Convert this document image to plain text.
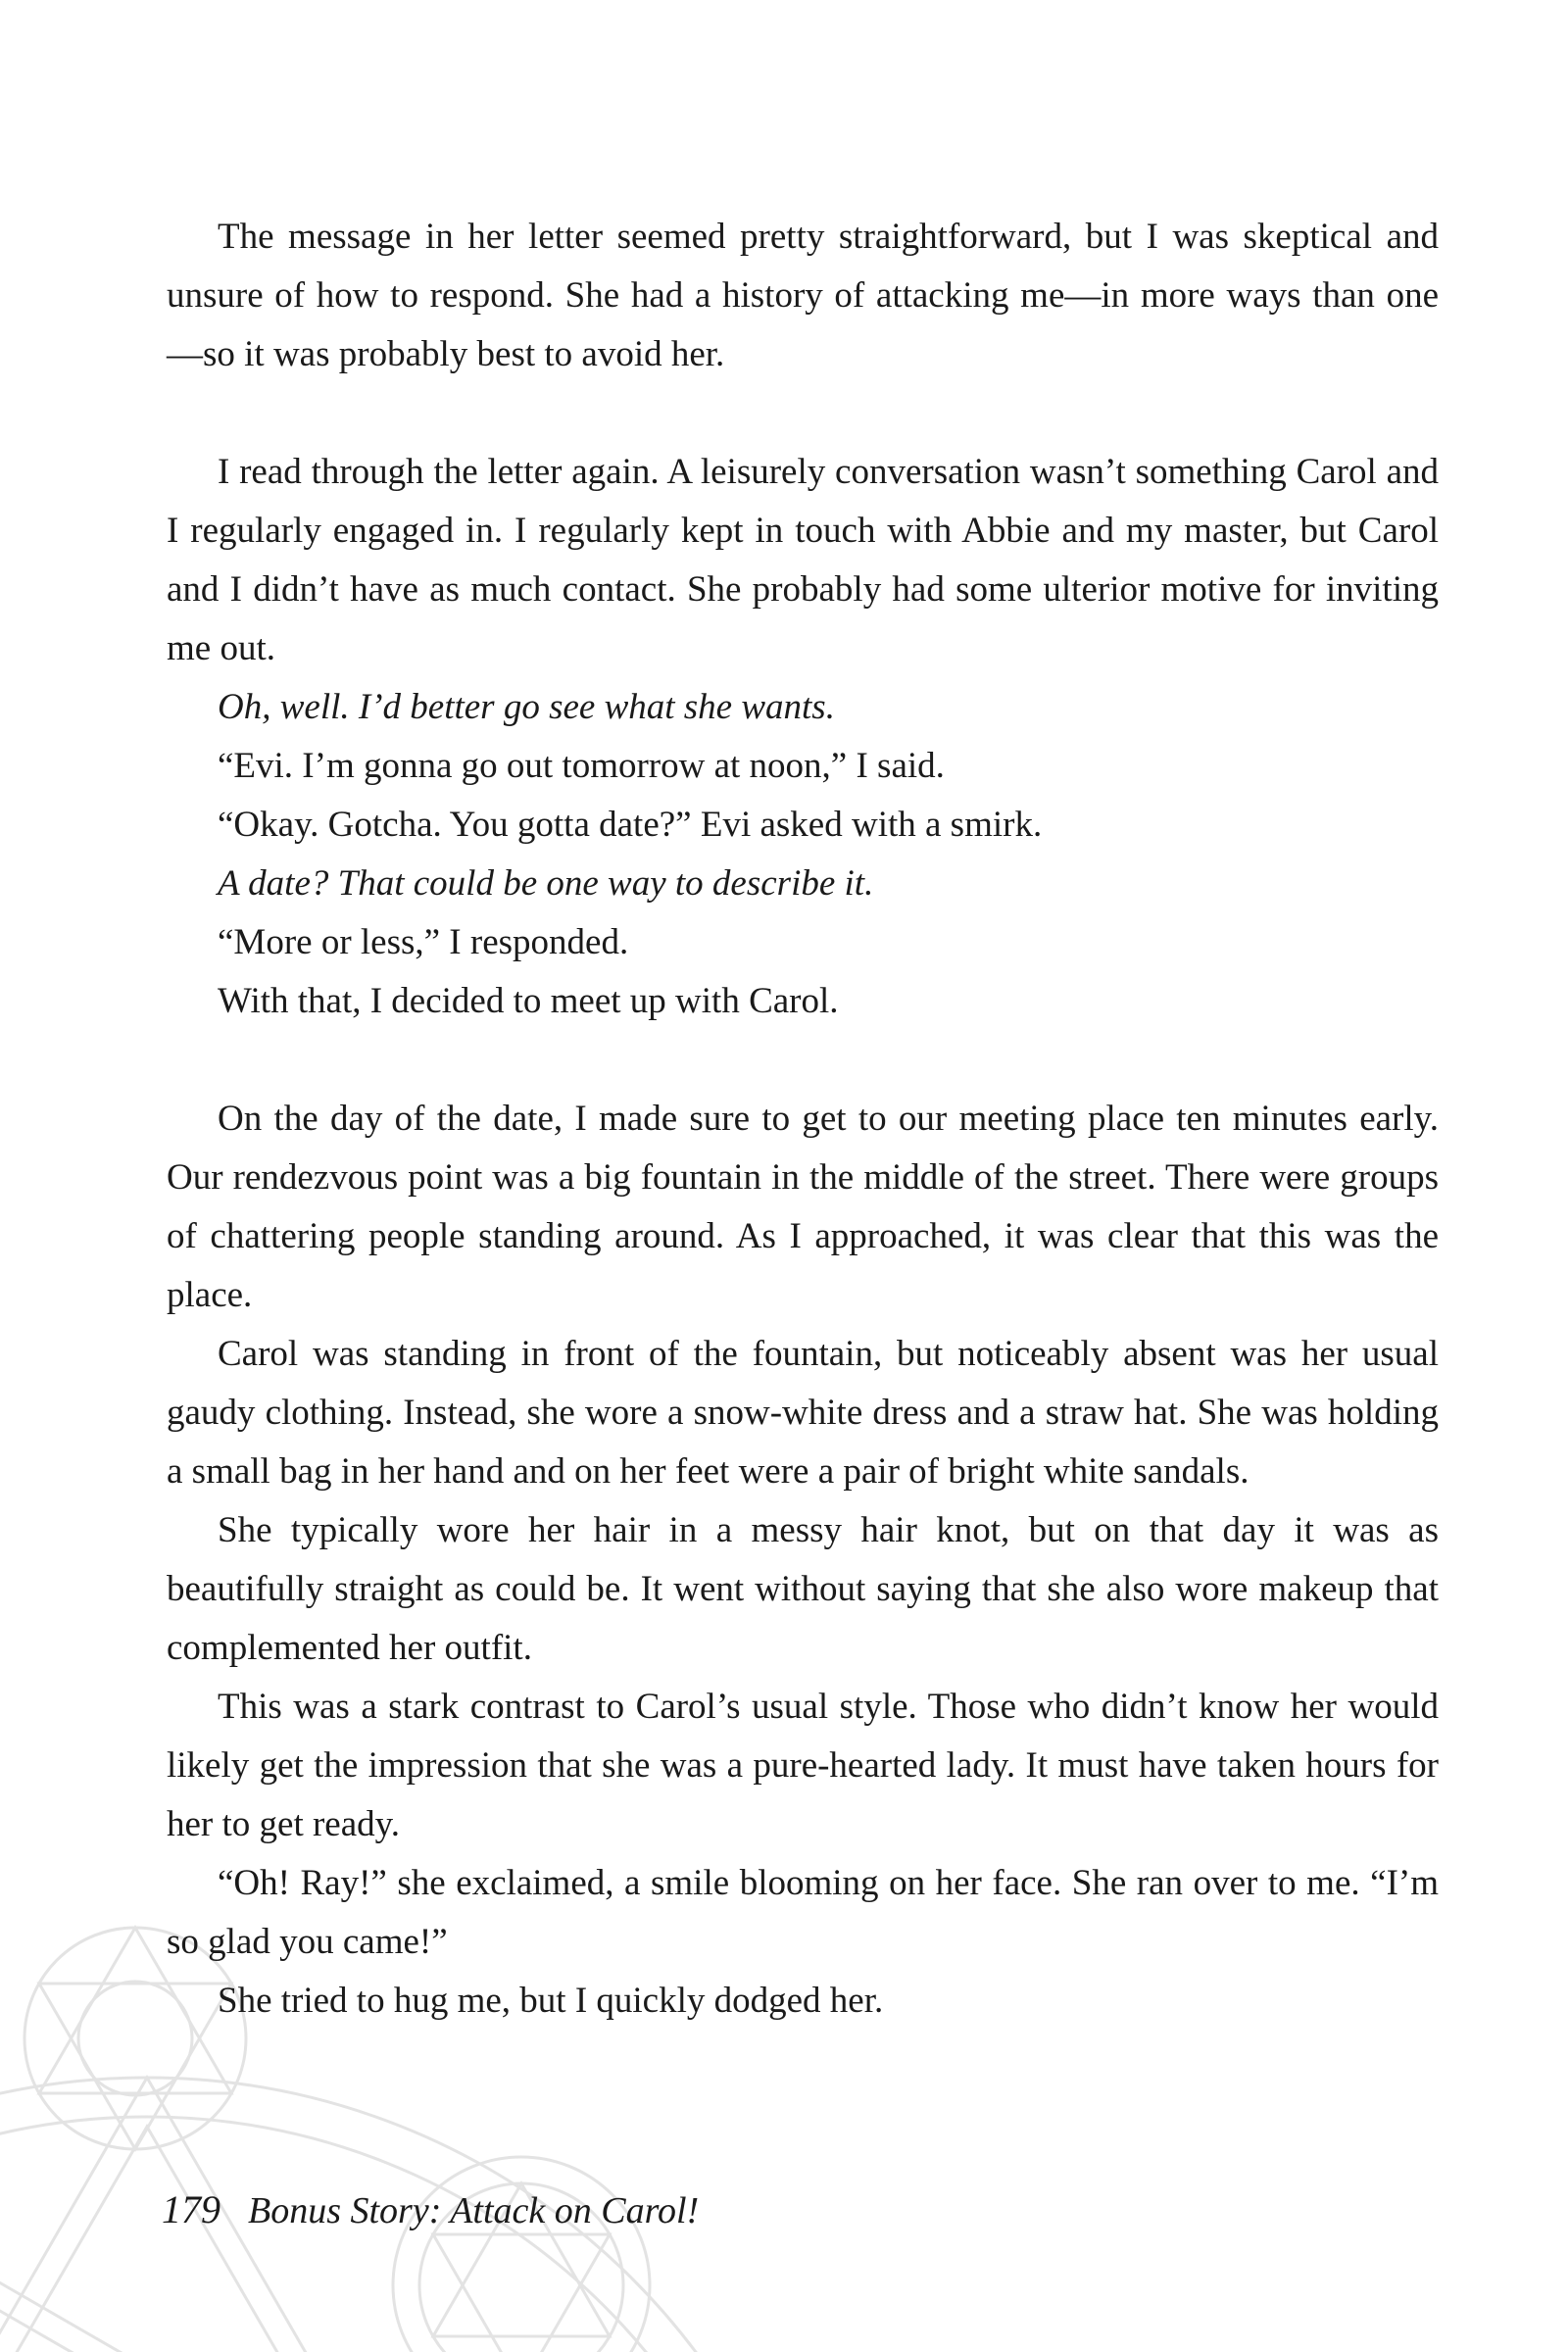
The message in her letter seemed pretty straightforward, but I was skeptical and unsure of how to respond. She had a history of attacking me—in more ways than one—so it was probably best to avoid her.

I read through the letter again. A leisurely conversation wasn’t something Carol and I regularly engaged in. I regularly kept in touch with Abbie and my master, but Carol and I didn’t have as much contact. She probably had some ulterior motive for inviting me out.

Oh, well. I’d better go see what she wants.

“Evi. I’m gonna go out tomorrow at noon,” I said.

“Okay. Gotcha. You gotta date?” Evi asked with a smirk.

A date? That could be one way to describe it.

“More or less,” I responded.

With that, I decided to meet up with Carol.

On the day of the date, I made sure to get to our meeting place ten minutes early. Our rendezvous point was a big fountain in the middle of the street. There were groups of chattering people standing around. As I approached, it was clear that this was the place.

Carol was standing in front of the fountain, but noticeably absent was her usual gaudy clothing. Instead, she wore a snow-white dress and a straw hat. She was holding a small bag in her hand and on her feet were a pair of bright white sandals.

She typically wore her hair in a messy hair knot, but on that day it was as beautifully straight as could be. It went without saying that she also wore makeup that complemented her outfit.

This was a stark contrast to Carol’s usual style. Those who didn’t know her would likely get the impression that she was a pure-hearted lady. It must have taken hours for her to get ready.

“Oh! Ray!” she exclaimed, a smile blooming on her face. She ran over to me. “I’m so glad you came!”

She tried to hug me, but I quickly dodged her.

179 Bonus Story: Attack on Carol!
